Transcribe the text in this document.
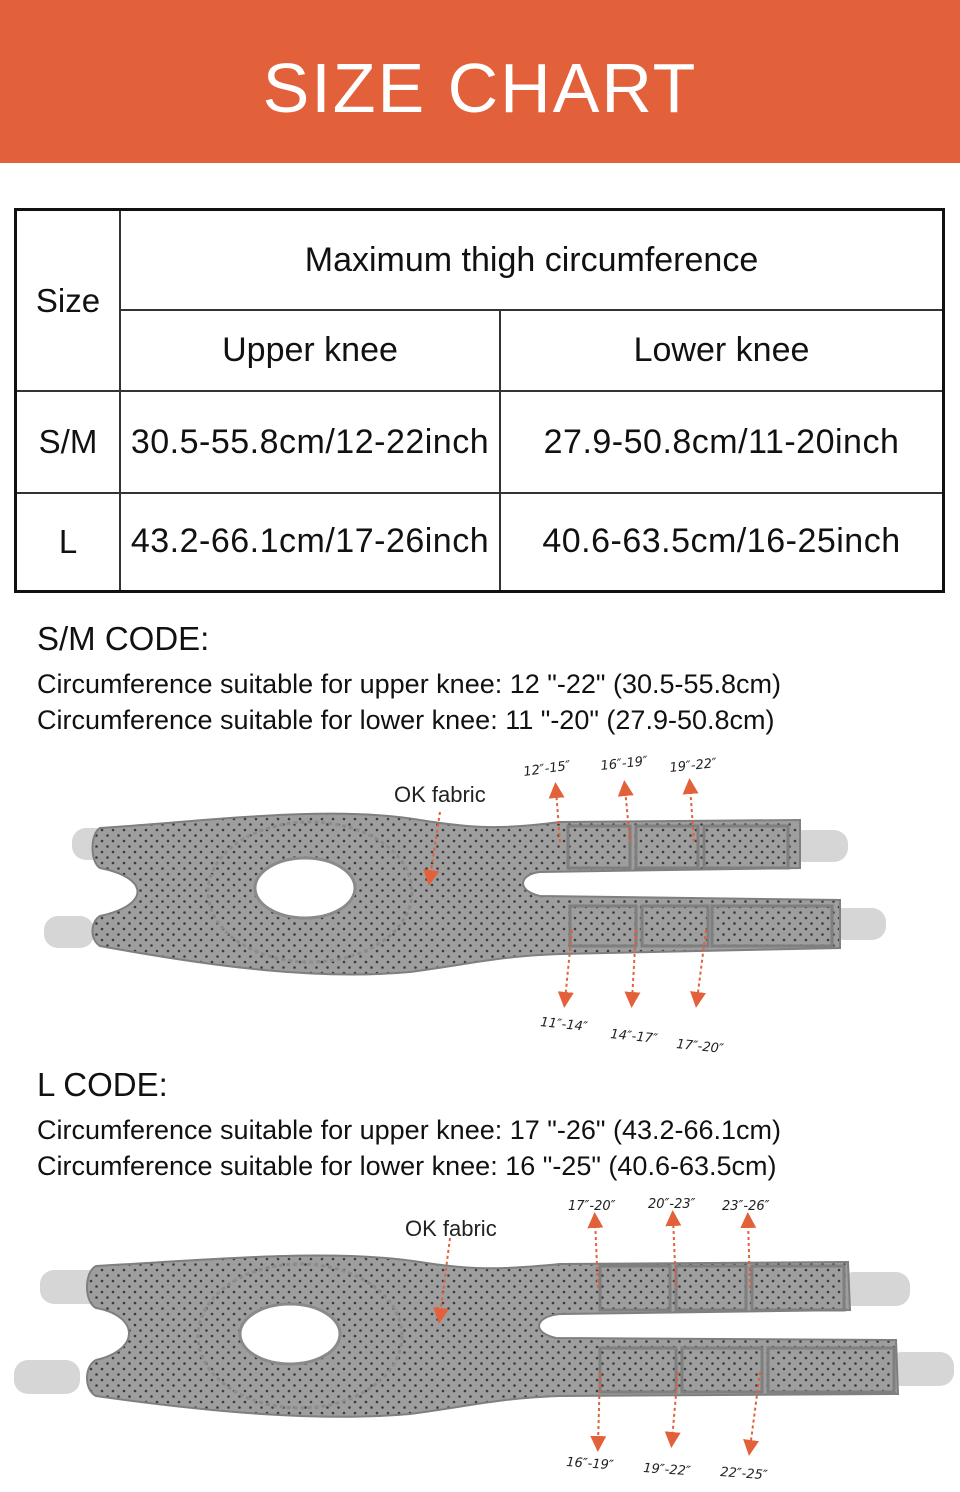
SIZE CHART
Size	Maximum thigh circumference	
	Upper knee	Lower knee
S/M	30.5-55.8cm/12-22inch	27.9-50.8cm/11-20inch
L	43.2-66.1cm/17-26inch	40.6-63.5cm/16-25inch
S/M CODE:
Circumference suitable for upper knee: 12 "-22" (30.5-55.8cm)
Circumference suitable for lower knee: 11 "-20" (27.9-50.8cm)
OK fabric
12″-15″ 16″-19″ 19″-22″
11″-14″
14″-17″
17″-20″
L CODE:
Circumference suitable for upper knee: 17 "-26" (43.2-66.1cm)
Circumference suitable for lower knee: 16 "-25" (40.6-63.5cm)
OK fabric
17″-20″	20″-23″ 23″-26″
16″-19″ 19″-22″ 22″-25″
